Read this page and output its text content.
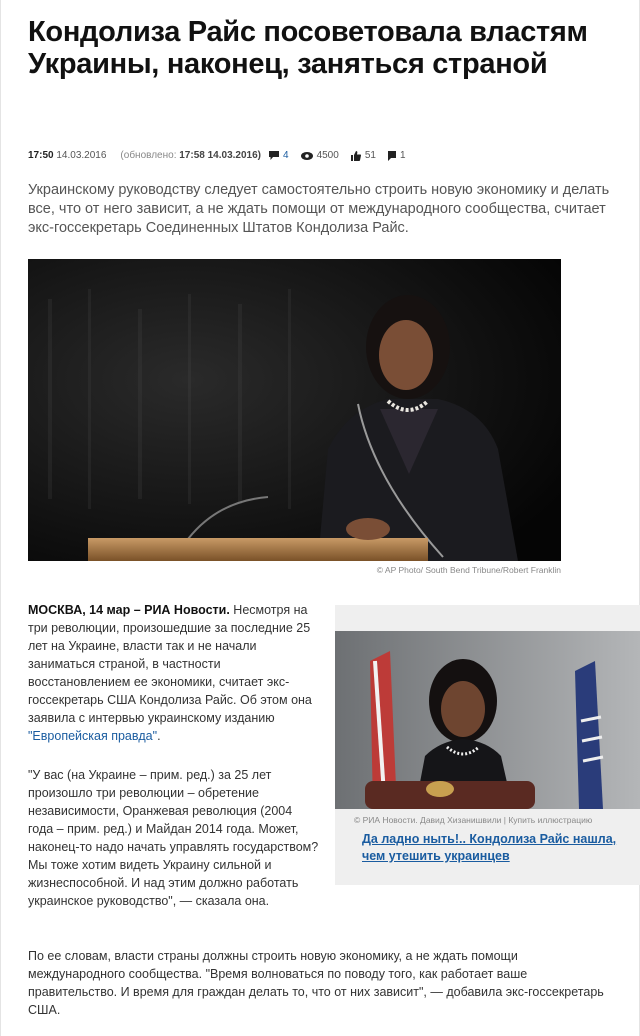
Кондолиза Райс посоветовала властям Украины, наконец, заняться страной
17:50
14.03.2016 (обновлено: 17:58 14.03.2016) 4	4500	51 1

Украинскому руководству следует самостоятельно строить новую экономику и делать все, что от него зависит, а не ждать помощи от международного сообщества, считает экс-госсекретарь Соединенных Штатов Кондолиза Райс.

© AP Photo/ South Bend Tribune/Robert Franklin

МОСКВА, 14 мар – РИА Новости. Несмотря на три революции, произошедшие за последние 25 лет на Украине, власти так и не начали заниматься страной, в частности восстановлением ее экономики, считает экс-госсекретарь США Кондолиза Райс. Об этом она заявила с интервью украинскому изданию "Европейская правда".

"У вас (на Украине – прим. ред.) за 25 лет произошло три революции – обретение независимости, Оранжевая революция (2004 года – прим. ред.) и Майдан 2014 года. Может, наконец-то надо начать управлять государством? Мы тоже хотим видеть Украину сильной и жизнеспособной. И над этим должно работать украинское руководство", — сказала она.

По ее словам, власти страны должны строить новую экономику, а не ждать помощи международного сообщества. "Время волноваться по поводу того, как работает ваше правительство. И время для граждан делать то, что от них зависит", — добавила экс-госсекретарь США.

© РИА Новости. Давид Хизанишвили | Купить иллюстрацию
Да ладно ныть!.. Кондолиза Райс нашла, чем утешить украинцев
